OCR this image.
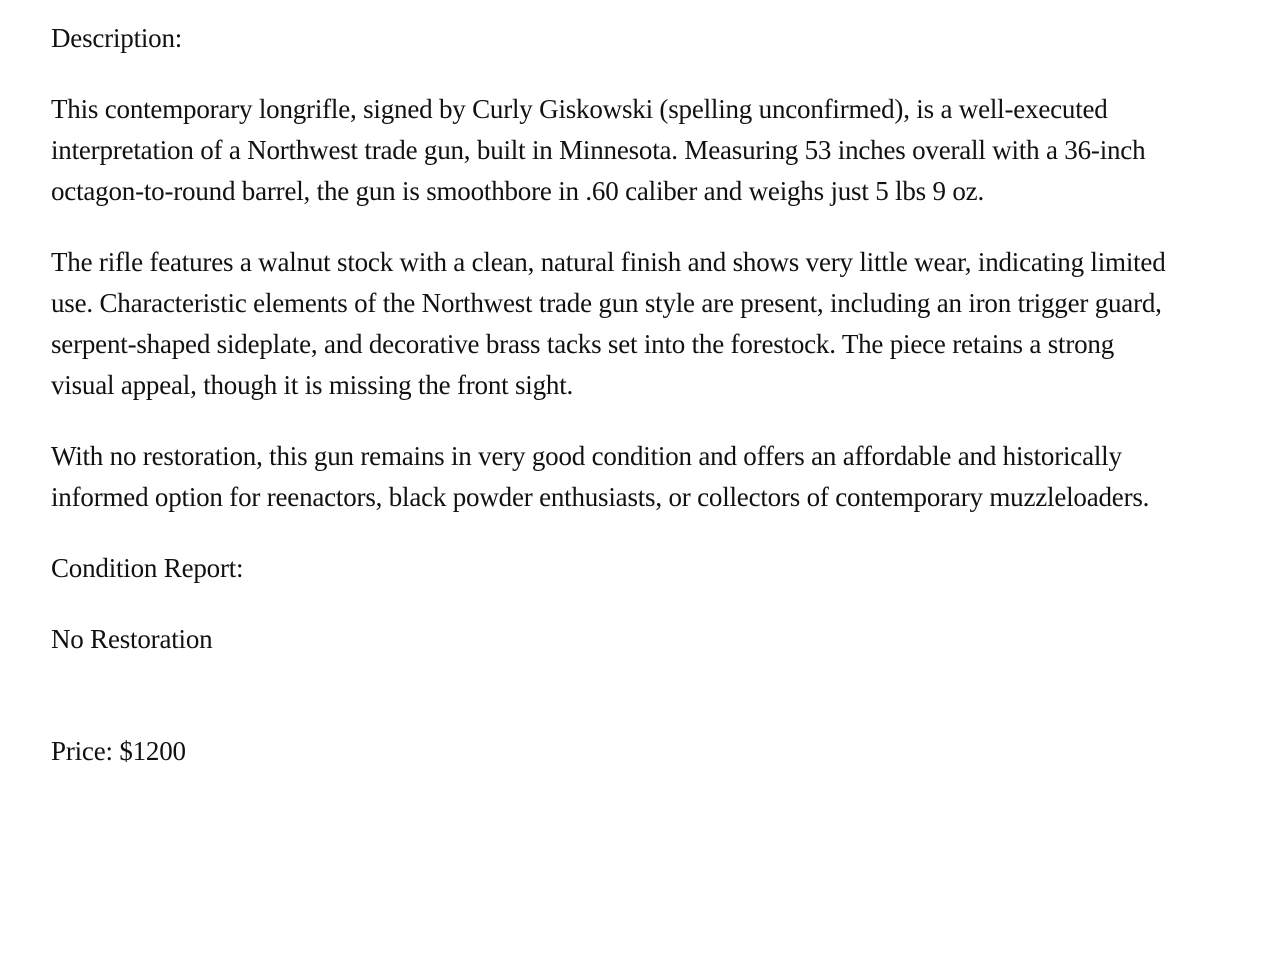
Description:

This contemporary longrifle, signed by Curly Giskowski (spelling unconfirmed), is a well-executed interpretation of a Northwest trade gun, built in Minnesota. Measuring 53 inches overall with a 36-inch octagon-to-round barrel, the gun is smoothbore in .60 caliber and weighs just 5 lbs 9 oz.

The rifle features a walnut stock with a clean, natural finish and shows very little wear, indicating limited use. Characteristic elements of the Northwest trade gun style are present, including an iron trigger guard, serpent-shaped sideplate, and decorative brass tacks set into the forestock. The piece retains a strong visual appeal, though it is missing the front sight.

With no restoration, this gun remains in very good condition and offers an affordable and historically informed option for reenactors, black powder enthusiasts, or collectors of contemporary muzzleloaders.

Condition Report:

No Restoration

Price: $1200
